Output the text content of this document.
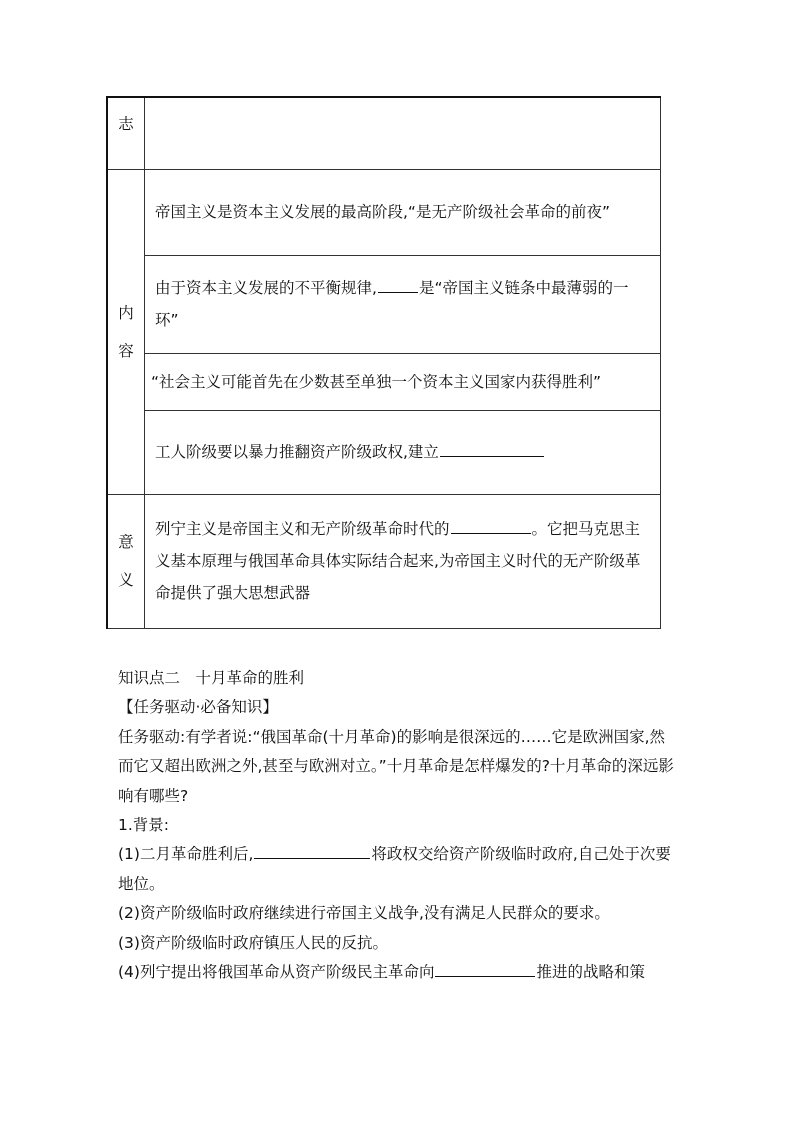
志	
内容	帝国主义是资本主义发展的最高阶段,“是无产阶级社会革命的前夜”
	由于资本主义发展的不平衡规律, 是“帝国主义链条中最薄弱的一环”
	“社会主义可能首先在少数甚至单独一个资本主义国家内获得胜利”
	工人阶级要以暴力推翻资产阶级政权,建立
意义	列宁主义是帝国主义和无产阶级革命时代的 。它把马克思主义基本原理与俄国革命具体实际结合起来,为帝国主义时代的无产阶级革命提供了强大思想武器

知识点二　十月革命的胜利

【任务驱动·必备知识】

任务驱动:有学者说:“俄国革命(十月革命)的影响是很深远的……它是欧洲国家,然而它又超出欧洲之外,甚至与欧洲对立。”十月革命是怎样爆发的?十月革命的深远影响有哪些?

1.背景:

(1)二月革命胜利后,	将政权交给资产阶级临时政府,自己处于次要地位。

(2)资产阶级临时政府继续进行帝国主义战争,没有满足人民群众的要求。

(3)资产阶级临时政府镇压人民的反抗。

(4)列宁提出将俄国革命从资产阶级民主革命向	推进的战略和策
